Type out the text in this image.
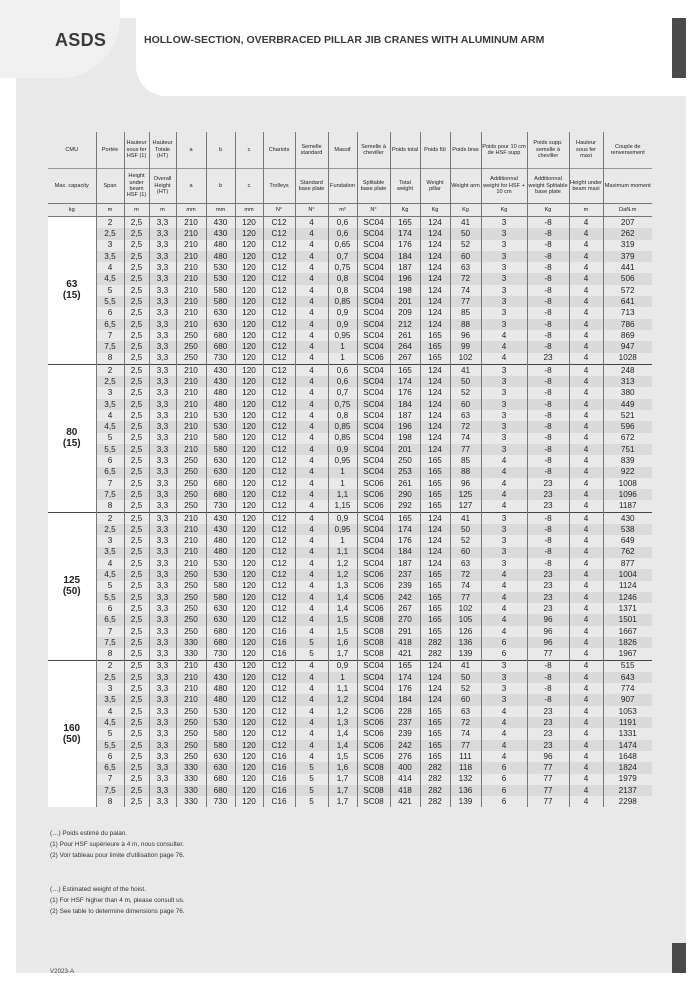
ASDS	HOLLOW-SECTION, OVERBRACED PILLAR JIB CRANES WITH ALUMINUM ARM
CMU	Portée	Hauteur sous fer HSF (1)	Hauteur Totale (HT)	a	b	c	Chariots	Semelle standard	Massif	Semelle à cheviller	Poids total	Poids fût	Poids bras	Poids pour 10 cm de HSF supp	Poids supp. semelle à cheviller	Hauteur sous fer maxi	Couple de renversement
Max. capacity	Span	Height under beam HSF (1)	Overall Height (HT)	a	b	c	Trolleys	Standard base plate	Fundation	Splitable base plate	Total weight	Weight pillar	Weight arm	Additionnal weight for HSF + 10 cm	Additionnal weight Splitable base plate	Height under beam maxi	Maximum moment
kg	m	m	m	mm	mm	mm	N°	N°	m³	N°	Kg	Kg	Kg	Kg	Kg	m	DaN.m

63
(15)	2	2,5	3,3	210	430	120	C12	4	0,6	SC04	165	124	41	3	-8	4	207
	2,5	2,5	3,3	210	430	120	C12	4	0,6	SC04	174	124	50	3	-8	4	262
	3	2,5	3,3	210	480	120	C12	4	0,65	SC04	176	124	52	3	-8	4	319
	3,5	2,5	3,3	210	480	120	C12	4	0,7	SC04	184	124	60	3	-8	4	379
	4	2,5	3,3	210	530	120	C12	4	0,75	SC04	187	124	63	3	-8	4	441
	4,5	2,5	3,3	210	530	120	C12	4	0,8	SC04	196	124	72	3	-8	4	506
	5	2,5	3,3	210	580	120	C12	4	0,8	SC04	198	124	74	3	-8	4	572
	5,5	2,5	3,3	210	580	120	C12	4	0,85	SC04	201	124	77	3	-8	4	641
	6	2,5	3,3	210	630	120	C12	4	0,9	SC04	209	124	85	3	-8	4	713
	6,5	2,5	3,3	210	630	120	C12	4	0,9	SC04	212	124	88	3	-8	4	786
	7	2,5	3,3	250	680	120	C12	4	0,95	SC04	261	165	96	4	-8	4	869
	7,5	2,5	3,3	250	680	120	C12	4	1	SC04	264	165	99	4	-8	4	947
	8	2,5	3,3	250	730	120	C12	4	1	SC06	267	165	102	4	23	4	1028

80
(15)	2	2,5	3,3	210	430	120	C12	4	0,6	SC04	165	124	41	3	-8	4	248
	2,5	2,5	3,3	210	430	120	C12	4	0,6	SC04	174	124	50	3	-8	4	313
	3	2,5	3,3	210	480	120	C12	4	0,7	SC04	176	124	52	3	-8	4	380
	3,5	2,5	3,3	210	480	120	C12	4	0,75	SC04	184	124	60	3	-8	4	449
	4	2,5	3,3	210	530	120	C12	4	0,8	SC04	187	124	63	3	-8	4	521
	4,5	2,5	3,3	210	530	120	C12	4	0,85	SC04	196	124	72	3	-8	4	596
	5	2,5	3,3	210	580	120	C12	4	0,85	SC04	198	124	74	3	-8	4	672
	5,5	2,5	3,3	210	580	120	C12	4	0,9	SC04	201	124	77	3	-8	4	751
	6	2,5	3,3	250	630	120	C12	4	0,95	SC04	250	165	85	4	-8	4	839
	6,5	2,5	3,3	250	630	120	C12	4	1	SC04	253	165	88	4	-8	4	922
	7	2,5	3,3	250	680	120	C12	4	1	SC06	261	165	96	4	23	4	1008
	7,5	2,5	3,3	250	680	120	C12	4	1,1	SC06	290	165	125	4	23	4	1096
	8	2,5	3,3	250	730	120	C12	4	1,15	SC06	292	165	127	4	23	4	1187

125
(50)	2	2,5	3,3	210	430	120	C12	4	0,9	SC04	165	124	41	3	-8	4	430
	2,5	2,5	3,3	210	430	120	C12	4	0,95	SC04	174	124	50	3	-8	4	538
	3	2,5	3,3	210	480	120	C12	4	1	SC04	176	124	52	3	-8	4	649
	3,5	2,5	3,3	210	480	120	C12	4	1,1	SC04	184	124	60	3	-8	4	762
	4	2,5	3,3	210	530	120	C12	4	1,2	SC04	187	124	63	3	-8	4	877
	4,5	2,5	3,3	250	530	120	C12	4	1,2	SC06	237	165	72	4	23	4	1004
	5	2,5	3,3	250	580	120	C12	4	1,3	SC06	239	165	74	4	23	4	1124
	5,5	2,5	3,3	250	580	120	C12	4	1,4	SC06	242	165	77	4	23	4	1246
	6	2,5	3,3	250	630	120	C12	4	1,4	SC06	267	165	102	4	23	4	1371
	6,5	2,5	3,3	250	630	120	C12	4	1,5	SC08	270	165	105	4	96	4	1501
	7	2,5	3,3	250	680	120	C16	4	1,5	SC08	291	165	126	4	96	4	1667
	7,5	2,5	3,3	330	680	120	C16	5	1,6	SC08	418	282	136	6	96	4	1826
	8	2,5	3,3	330	730	120	C16	5	1,7	SC08	421	282	139	6	77	4	1967

160
(50)	2	2,5	3,3	210	430	120	C12	4	0,9	SC04	165	124	41	3	-8	4	515
	2,5	2,5	3,3	210	430	120	C12	4	1	SC04	174	124	50	3	-8	4	643
	3	2,5	3,3	210	480	120	C12	4	1,1	SC04	176	124	52	3	-8	4	774
	3,5	2,5	3,3	210	480	120	C12	4	1,2	SC04	184	124	60	3	-8	4	907
	4	2,5	3,3	250	530	120	C12	4	1,2	SC06	228	165	63	4	23	4	1053
	4,5	2,5	3,3	250	530	120	C12	4	1,3	SC06	237	165	72	4	23	4	1191
	5	2,5	3,3	250	580	120	C12	4	1,4	SC06	239	165	74	4	23	4	1331
	5,5	2,5	3,3	250	580	120	C12	4	1,4	SC06	242	165	77	4	23	4	1474
	6	2,5	3,3	250	630	120	C16	4	1,5	SC06	276	165	111	4	96	4	1648
	6,5	2,5	3,3	330	630	120	C16	5	1,6	SC08	400	282	118	6	77	4	1824
	7	2,5	3,3	330	680	120	C16	5	1,7	SC08	414	282	132	6	77	4	1979
	7,5	2,5	3,3	330	680	120	C16	5	1,7	SC08	418	282	136	6	77	4	2137
	8	2,5	3,3	330	730	120	C16	5	1,7	SC08	421	282	139	6	77	4	2298
(…) Poids estimé du palan.
(1) Pour HSF supérieure à 4 m, nous consulter.
(2) Voir tableau pour limite d'utilisation page 76.
(…) Estimated weight of the hoist.
(1) For HSF higher than 4 m, please consult us.
(2) See table to determine dimensions page 76.
V2023-A
